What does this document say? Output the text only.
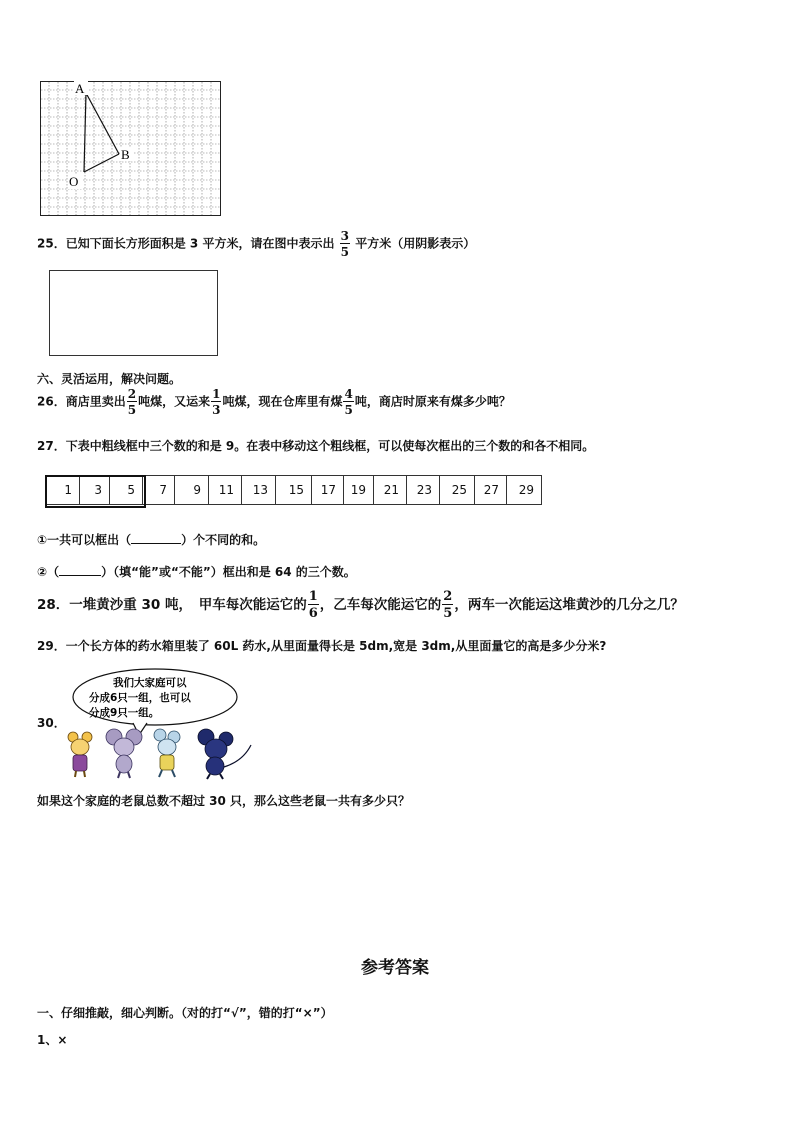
A
B
O
25．已知下面长方形面积是 3 平方米，请在图中表示出 $\frac{3}{5}$ 平方米（用阴影表示）
六、灵活运用，解决问题。
26．商店里卖出 $\frac{2}{5}$ 吨煤，又运来 $\frac{1}{3}$ 吨煤，现在仓库里有煤 $\frac{4}{5}$ 吨，商店时原来有煤多少吨？
27．下表中粗线框中三个数的和是 9。在表中移动这个粗线框，可以使每次框出的三个数的和各不相同。
1	3	5	7	9	11	13	15	17	19	21	23	25	27	29
①一共可以框出（	）个不同的和。
②（	）（填“能”或“不能”）框出和是 64 的三个数。
28．一堆黄沙重 30 吨，　甲车每次能运它的 $\frac{1}{6}$ ，乙车每次能运它的 $\frac{2}{5}$ ，两车一次能运这堆黄沙的几分之几？
29．一个长方体的药水箱里装了 60L 药水,从里面量得长是 5dm,宽是 3dm,从里面量它的高是多少分米?
30．
我们大家庭可以
分成6只一组，也可以
分成9只一组。
如果这个家庭的老鼠总数不超过 30 只，那么这些老鼠一共有多少只？
参考答案
一、仔细推敲，细心判断。（对的打“√”，错的打“×”）
1、×
